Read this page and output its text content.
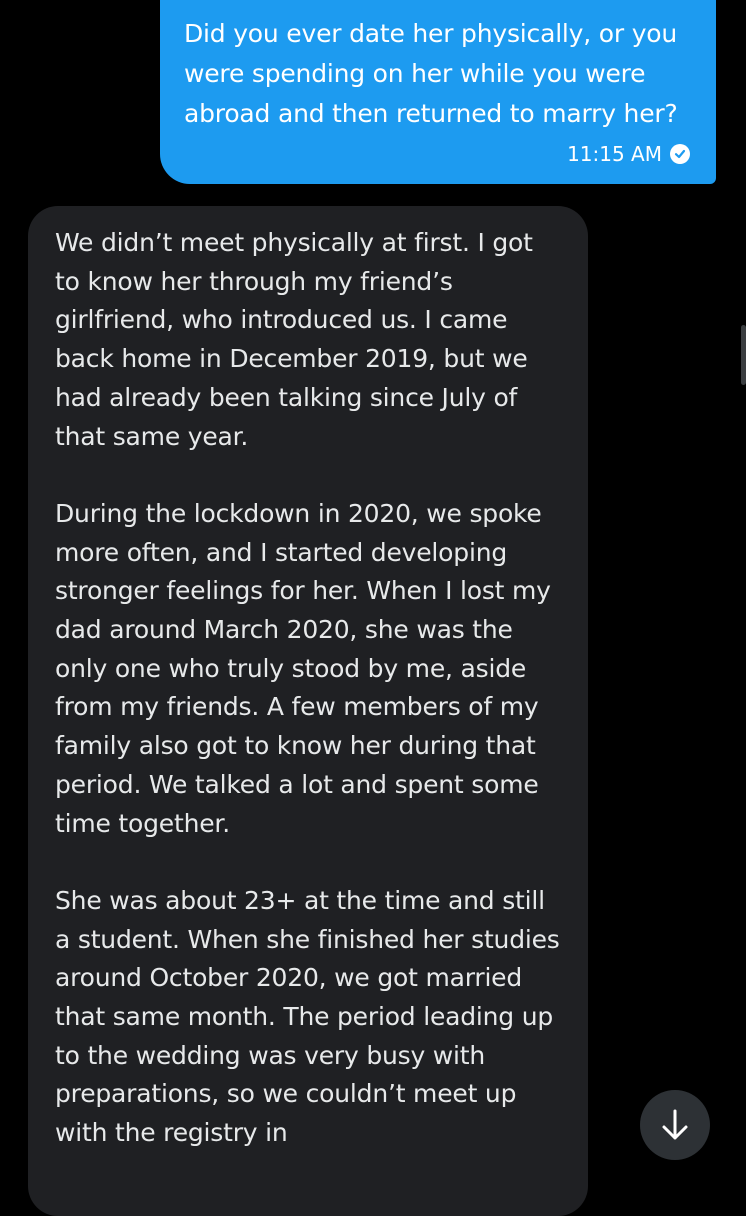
Did you ever date her physically, or you were spending on her while you were abroad and then returned to marry her?
11:15 AM

We didn’t meet physically at first. I got to know her through my friend’s girlfriend, who introduced us. I came back home in December 2019, but we had already been talking since July of that same year.

During the lockdown in 2020, we spoke more often, and I started developing stronger feelings for her. When I lost my dad around March 2020, she was the only one who truly stood by me, aside from my friends. A few members of my family also got to know her during that period. We talked a lot and spent some time together.

She was about 23+ at the time and still a student. When she finished her studies around October 2020, we got married that same month. The period leading up to the wedding was very busy with preparations, so we couldn’t meet up with the registry in
